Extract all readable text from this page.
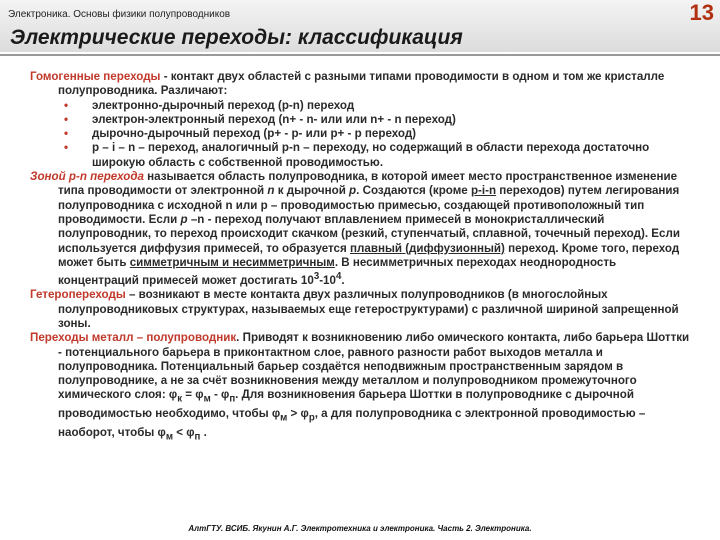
Электроника. Основы физики полупроводников	13
Электрические переходы: классификация

Гомогенные переходы - контакт двух областей с разными типами проводимости в одном и том же кристалле полупроводника. Различают:

• электронно-дырочный переход (р-n) переход

• электрон-электронный переход (n+ - n- или или n+ - n переход)

• дырочно-дырочный переход (р+ - р- или р+ - р переход)

• р – i – n – переход, аналогичный р-n – переходу, но содержащий в области перехода достаточно широкую область с собственной проводимостью.

Зоной р-n перехода называется область полупроводника, в которой имеет место пространственное изменение типа проводимости от электронной n к дырочной р. Создаются (кроме р-i-n переходов) путем легирования полупроводника с исходной n или р – проводимостью примесью, создающей противоположный тип проводимости. Если р –n - переход получают вплавлением примесей в монокристаллический полупроводник, то переход происходит скачком (резкий, ступенчатый, сплавной, точечный переход). Если используется диффузия примесей, то образуется плавный (диффузионный) переход. Кроме того, переход может быть симметричным и несимметричным. В несимметричных переходах неоднородность концентраций примесей может достигать $10^3-10^4$.

Гетеропереходы – возникают в месте контакта двух различных полупроводников (в многослойных полупроводниковых структурах, называемых еще гетероструктурами) с различной шириной запрещенной зоны.

Переходы металл – полупроводник. Приводят к возникновению либо омического контакта, либо барьера Шоттки - потенциального барьера в приконтактном слое, равного разности работ выходов металла и полупроводника. Потенциальный барьер создаётся неподвижным пространственным зарядом в полупроводнике, а не за счёт возникновения между металлом и полупроводником промежуточного химического слоя: $\varphi_к = \varphi_м - \varphi_п$. Для возникновения барьера Шоттки в полупроводнике с дырочной проводимостью необходимо, чтобы $\varphi_м > \varphi_р$, а для полупроводника с электронной проводимостью – наоборот, чтобы $\varphi_м < \varphi_п$ .

АлтГТУ. ВСИБ. Якунин А.Г. Электротехника и электроника. Часть 2. Электроника.
